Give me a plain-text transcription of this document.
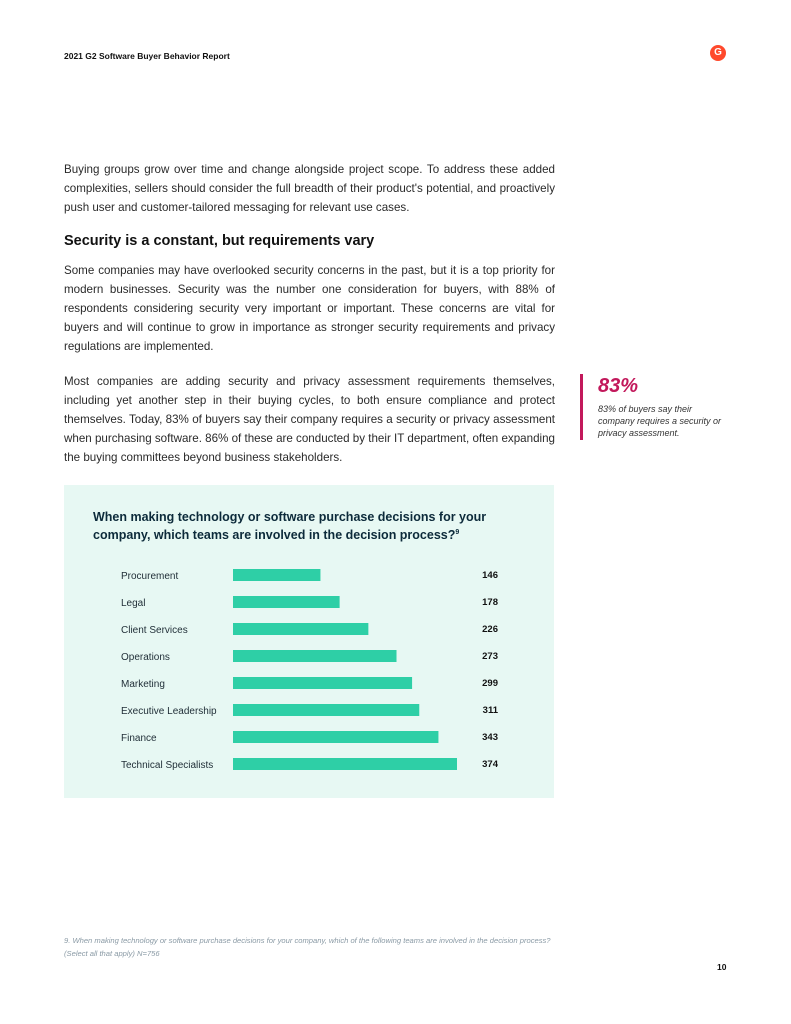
2021 G2 Software Buyer Behavior Report	G

Buying groups grow over time and change alongside project scope. To address these added complexities, sellers should consider the full breadth of their product's potential, and proactively push user and customer-tailored messaging for relevant use cases.

Security is a constant, but requirements vary

Some companies may have overlooked security concerns in the past, but it is a top priority for modern businesses. Security was the number one consideration for buyers, with 88% of respondents considering security very important or important. These concerns are vital for buyers and will continue to grow in importance as stronger security requirements and privacy regulations are implemented.

Most companies are adding security and privacy assessment requirements themselves, including yet another step in their buying cycles, to both ensure compliance and protect themselves. Today, 83% of buyers say their company requires a security or privacy assessment when purchasing software. 86% of these are conducted by their IT department, often expanding the buying committees beyond business stakeholders.

83%
83% of buyers say their company requires a security or privacy assessment.
When making technology or software purchase decisions for your company, which teams are involved in the decision process?$^9$
Procurement	146
Legal	178
Client Services	226
Operations	273
Marketing	299
Executive Leadership	311
Finance	343
Technical Specialists	374
9. When making technology or software purchase decisions for your company, which of the following teams are involved in the decision process? (Select all that apply) N=756
10
